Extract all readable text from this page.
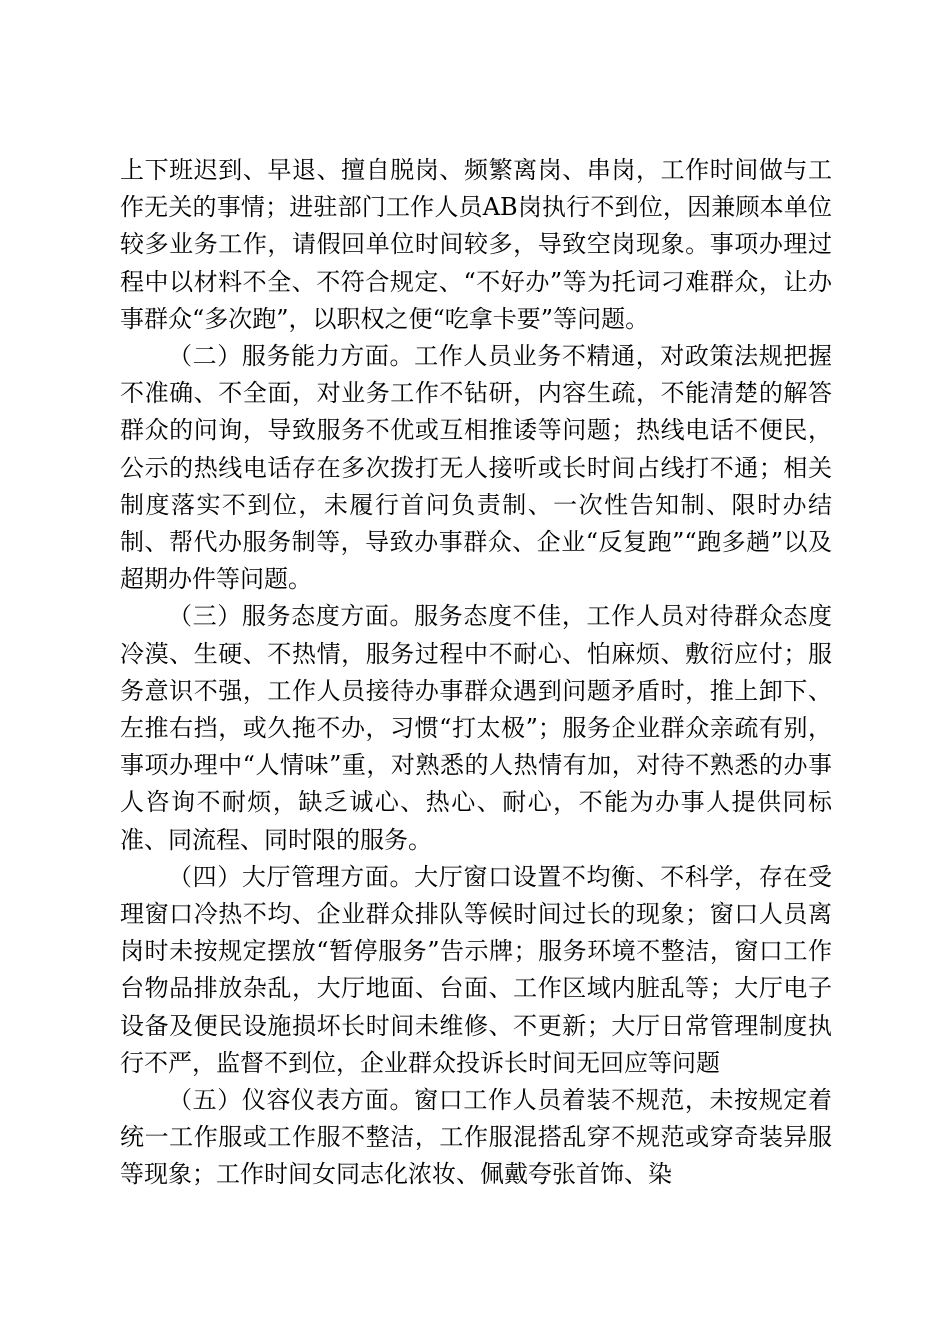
上下班迟到、早退、擅自脱岗、频繁离岗、串岗，工作时间做与工作无关的事情；进驻部门工作人员AB岗执行不到位，因兼顾本单位较多业务工作，请假回单位时间较多，导致空岗现象。事项办理过程中以材料不全、不符合规定、“不好办”等为托词刁难群众，让办事群众“多次跑”，以职权之便“吃拿卡要”等问题。

（二）服务能力方面。工作人员业务不精通，对政策法规把握不准确、不全面，对业务工作不钻研，内容生疏，不能清楚的解答群众的问询，导致服务不优或互相推诿等问题；热线电话不便民，公示的热线电话存在多次拨打无人接听或长时间占线打不通；相关制度落实不到位，未履行首问负责制、一次性告知制、限时办结制、帮代办服务制等，导致办事群众、企业“反复跑”“跑多趟”以及超期办件等问题。

（三）服务态度方面。服务态度不佳，工作人员对待群众态度冷漠、生硬、不热情，服务过程中不耐心、怕麻烦、敷衍应付；服务意识不强，工作人员接待办事群众遇到问题矛盾时，推上卸下、左推右挡，或久拖不办，习惯“打太极”；服务企业群众亲疏有别，事项办理中“人情味”重，对熟悉的人热情有加，对待不熟悉的办事人咨询不耐烦，缺乏诚心、热心、耐心，不能为办事人提供同标准、同流程、同时限的服务。

（四）大厅管理方面。大厅窗口设置不均衡、不科学，存在受理窗口冷热不均、企业群众排队等候时间过长的现象；窗口人员离岗时未按规定摆放“暂停服务”告示牌；服务环境不整洁，窗口工作台物品排放杂乱，大厅地面、台面、工作区域内脏乱等；大厅电子设备及便民设施损坏长时间未维修、不更新；大厅日常管理制度执行不严，监督不到位，企业群众投诉长时间无回应等问题

（五）仪容仪表方面。窗口工作人员着装不规范，未按规定着统一工作服或工作服不整洁，工作服混搭乱穿不规范或穿奇装异服等现象；工作时间女同志化浓妆、佩戴夸张首饰、染
